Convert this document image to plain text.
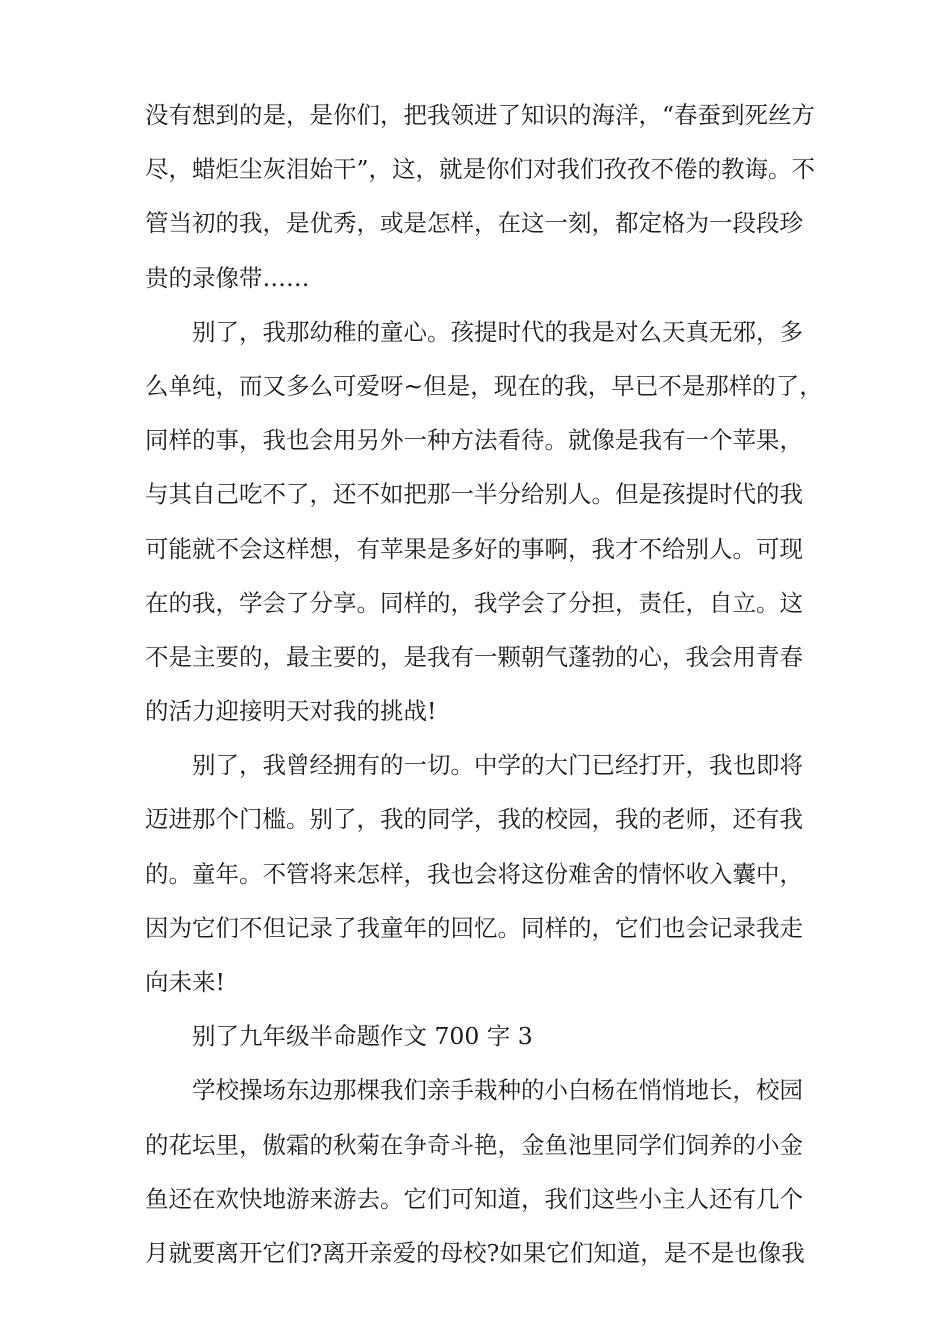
没有想到的是，是你们，把我领进了知识的海洋，“春蚕到死丝方
尽，蜡炬尘灰泪始干”，这，就是你们对我们孜孜不倦的教诲。不
管当初的我，是优秀，或是怎样，在这一刻，都定格为一段段珍
贵的录像带……
别了，我那幼稚的童心。孩提时代的我是对么天真无邪，多
么单纯，而又多么可爱呀~但是，现在的我，早已不是那样的了，
同样的事，我也会用另外一种方法看待。就像是我有一个苹果，
与其自己吃不了，还不如把那一半分给别人。但是孩提时代的我
可能就不会这样想，有苹果是多好的事啊，我才不给别人。可现
在的我，学会了分享。同样的，我学会了分担，责任，自立。这
不是主要的，最主要的，是我有一颗朝气蓬勃的心，我会用青春
的活力迎接明天对我的挑战!
别了，我曾经拥有的一切。中学的大门已经打开，我也即将
迈进那个门槛。别了，我的同学，我的校园，我的老师，还有我
的。童年。不管将来怎样，我也会将这份难舍的情怀收入囊中，
因为它们不但记录了我童年的回忆。同样的，它们也会记录我走
向未来!
别了九年级半命题作文 700 字 3
学校操场东边那棵我们亲手栽种的小白杨在悄悄地长，校园
的花坛里，傲霜的秋菊在争奇斗艳，金鱼池里同学们饲养的小金
鱼还在欢快地游来游去。它们可知道，我们这些小主人还有几个
月就要离开它们?离开亲爱的母校?如果它们知道，是不是也像我
